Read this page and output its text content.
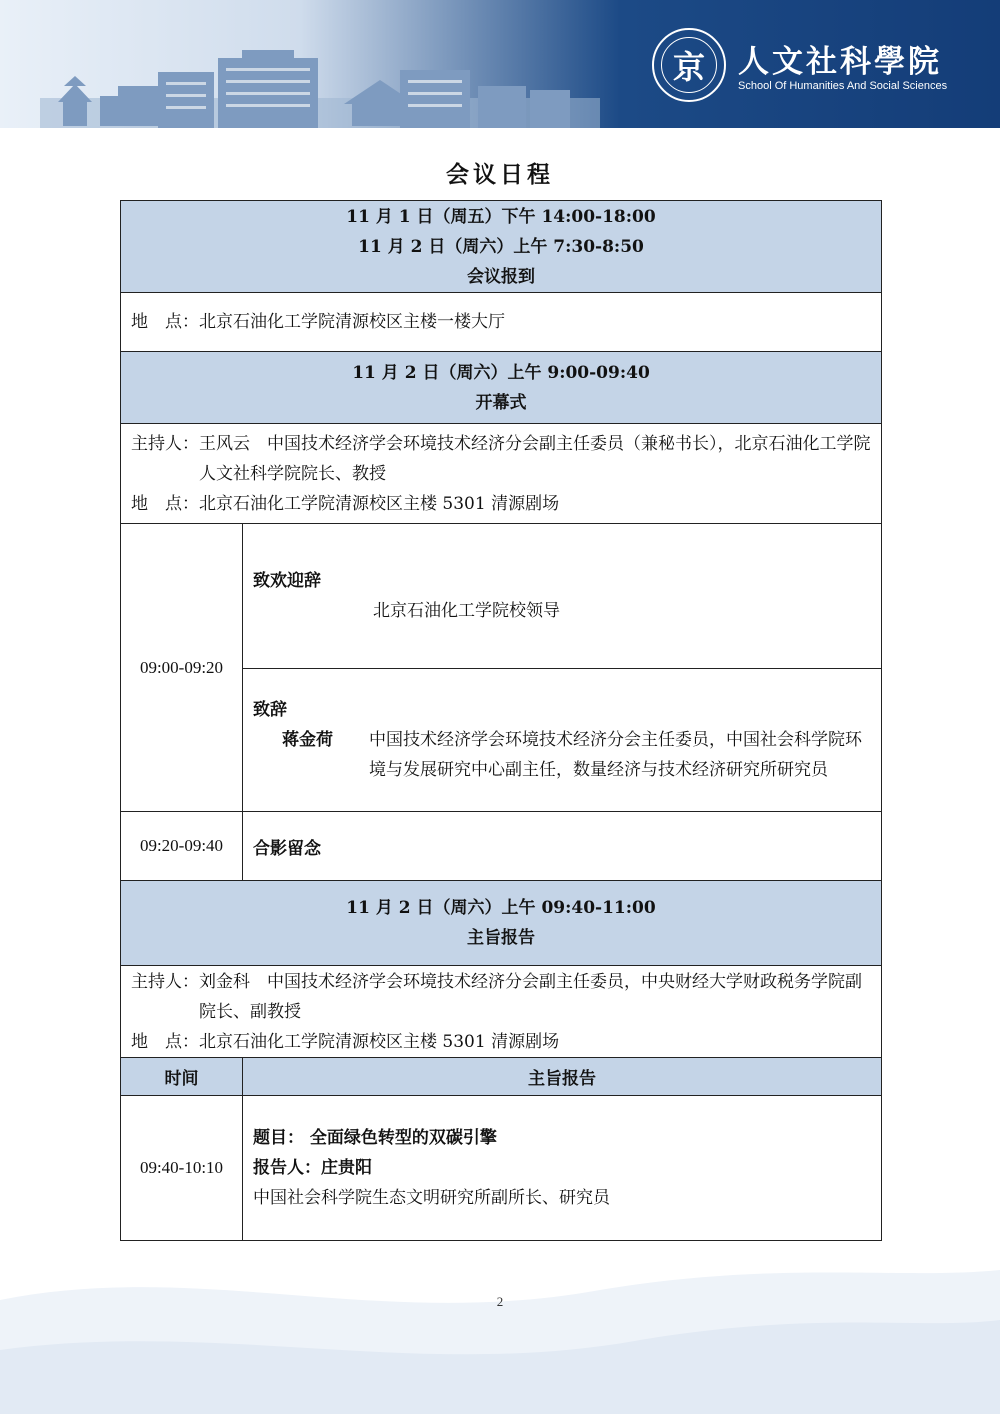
京	人文社科學院
School Of Humanities And Social Sciences
会议日程
11 月 1 日（周五）下午 14:00-18:00
11 月 2 日（周六）上午 7:30-8:50
会议报到	

地　点： 北京石油化工学院清源校区主楼一楼大厅	

11 月 2 日（周六）上午 9:00-09:40
开幕式	

主持人： 王风云　中国技术经济学会环境技术经济分会副主任委员（兼秘书长），北京石油化工学院人文社科学院院长、教授
地　点： 北京石油化工学院清源校区主楼 5301 清源剧场	

09:00-09:20	致欢迎辞
北京石油化工学院校领导

	致辞
蒋金荷 中国技术经济学会环境技术经济分会主任委员，中国社会科学院环境与发展研究中心副主任，数量经济与技术经济研究所研究员

09:20-09:40	合影留念

11 月 2 日（周六）上午 09:40-11:00
主旨报告	

主持人： 刘金科　中国技术经济学会环境技术经济分会副主任委员，中央财经大学财政税务学院副院长、副教授
地　点： 北京石油化工学院清源校区主楼 5301 清源剧场	

时间	主旨报告
09:40-10:10	题目： 全面绿色转型的双碳引擎
报告人：庄贵阳
中国社会科学院生态文明研究所副所长、研究员
2
